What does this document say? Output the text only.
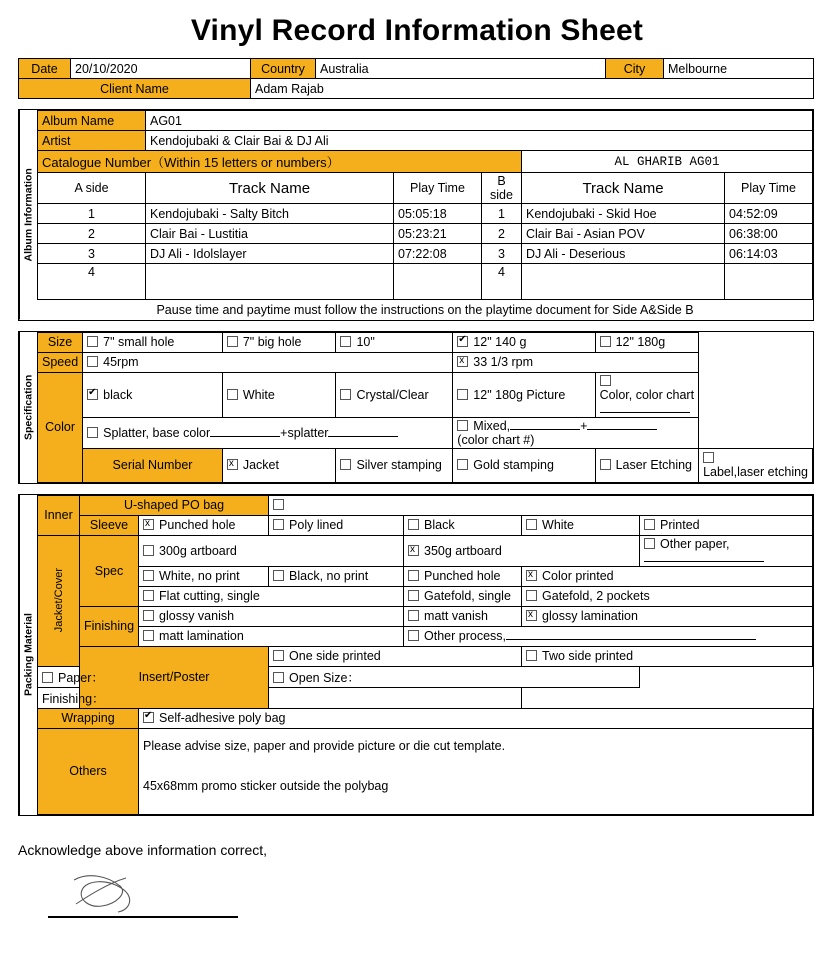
Vinyl Record Information Sheet
Date	20/10/2020	Country	Australia	City	Melbourne
Client Name		Adam Rajab			
Album Information
Album Name	AG01				
Artist	Kendojubaki & Clair Bai & DJ Ali				
Catalogue Number（Within 15 letters or numbers）				AL GHARIB AG01	
A side	Track Name	Play Time	B side	Track Name	Play Time
1	Kendojubaki - Salty Bitch	05:05:18	1	Kendojubaki - Skid Hoe	04:52:09
2	Clair Bai - Lustitia	05:23:21	2	Clair Bai - Asian POV	06:38:00
3	DJ Ali - Idolslayer	07:22:08	3	DJ Ali - Deserious	06:14:03
4			4		
Pause time and paytime must follow the instructions on the playtime document for Side A&Side B					
Specification
Size	7" small hole	7" big hole	10"	✔12" 140 g	12" 180g	
Speed	45rpm	x33 1/3 rpm
Color	✔black	White	Crystal/Clear	12" 180g Picture	Color, color chart	
	Splatter, base color +splatter			Mixed, +(color chart #)		
	Serial Number	xJacket	Silver stamping	Gold stamping	Laser Etching	Label,laser etching
Packing Material
Inner	U-shaped PO bag					
	Sleeve	xPunched hole	Poly lined	Black	White	Printed

Jacket/Cover	Spec	300g artboard	x350g artboard		Other paper,
		White, no print	Black, no print	Punched hole	xColor printed
		Flat cutting, single		Gatefold, single	Gatefold, 2 pockets	
	Finishing	glossy vanish		matt vanish	xglossy lamination
		matt lamination		Other process,		
	Insert/Poster		One side printed		Two side printed	
Paper：			Open Size：			
Finishing：						
Wrapping	✔Self-adhesive poly bag
Others		Please advise size, paper and provide picture or die cut template.
45x68mm promo sticker outside the polybag				
Acknowledge above information correct,
